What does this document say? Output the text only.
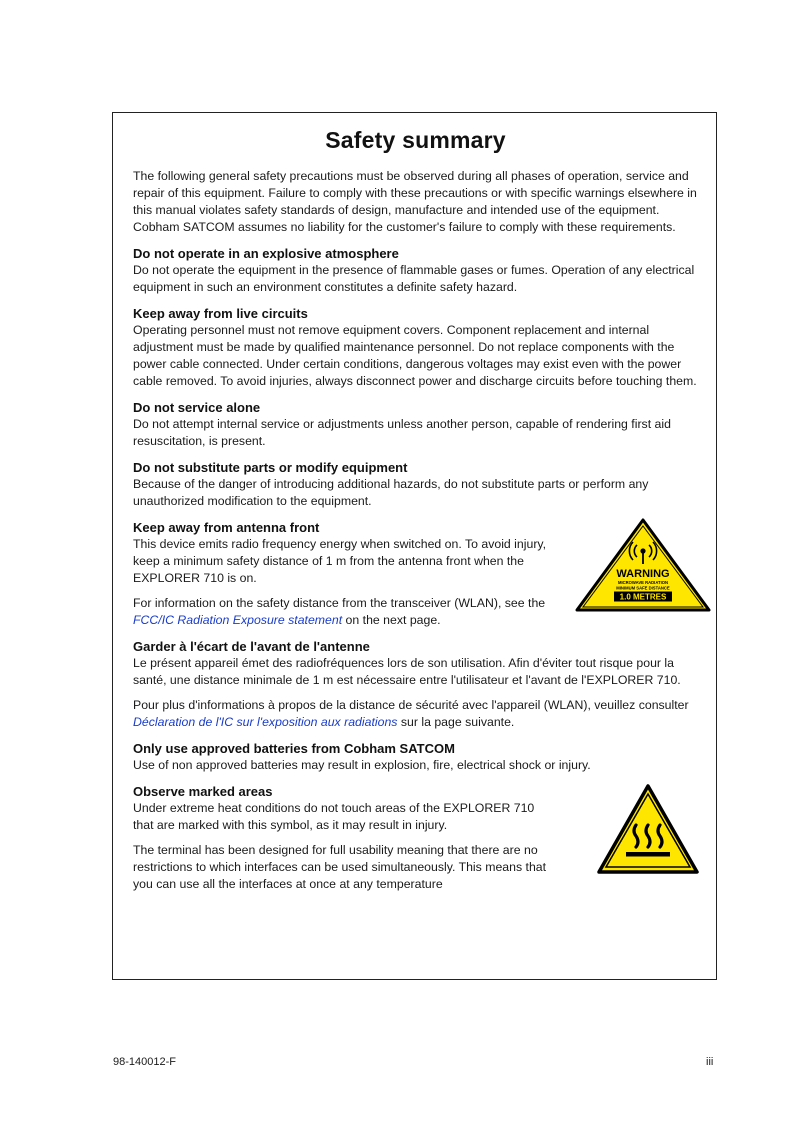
Safety summary

The following general safety precautions must be observed during all phases of operation, service and repair of this equipment. Failure to comply with these precautions or with specific warnings elsewhere in this manual violates safety standards of design, manufacture and intended use of the equipment. Cobham SATCOM assumes no liability for the customer's failure to comply with these requirements.

Do not operate in an explosive atmosphere

Do not operate the equipment in the presence of flammable gases or fumes. Operation of any electrical equipment in such an environment constitutes a definite safety hazard.

Keep away from live circuits

Operating personnel must not remove equipment covers. Component replacement and internal adjustment must be made by qualified maintenance personnel. Do not replace components with the power cable connected. Under certain conditions, dangerous voltages may exist even with the power cable removed. To avoid injuries, always disconnect power and discharge circuits before touching them.

Do not service alone

Do not attempt internal service or adjustments unless another person, capable of rendering first aid resuscitation, is present.

Do not substitute parts or modify equipment

Because of the danger of introducing additional hazards, do not substitute parts or perform any unauthorized modification to the equipment.

Keep away from antenna front

This device emits radio frequency energy when switched on. To avoid injury, keep a minimum safety distance of 1 m from the antenna front when the EXPLORER 710 is on.

For information on the safety distance from the transceiver (WLAN), see the FCC/IC Radiation Exposure statement on the next page.

WARNING
MICROWAVE RADIATION
MINIMUM SAFE DISTANCE
1.0 METRES
Garder à l'écart de l'avant de l'antenne

Le présent appareil émet des radiofréquences lors de son utilisation. Afin d'éviter tout risque pour la santé, une distance minimale de 1 m est nécessaire entre l'utilisateur et l'avant de l'EXPLORER 710.

Pour plus d'informations à propos de la distance de sécurité avec l'appareil (WLAN), veuillez consulter Déclaration de l'IC sur l'exposition aux radiations sur la page suivante.

Only use approved batteries from Cobham SATCOM

Use of non approved batteries may result in explosion, fire, electrical shock or injury.

Observe marked areas

Under extreme heat conditions do not touch areas of the EXPLORER 710 that are marked with this symbol, as it may result in injury.

The terminal has been designed for full usability meaning that there are no restrictions to which interfaces can be used simultaneously. This means that you can use all the interfaces at once at any temperature

98-140012-F	iii
